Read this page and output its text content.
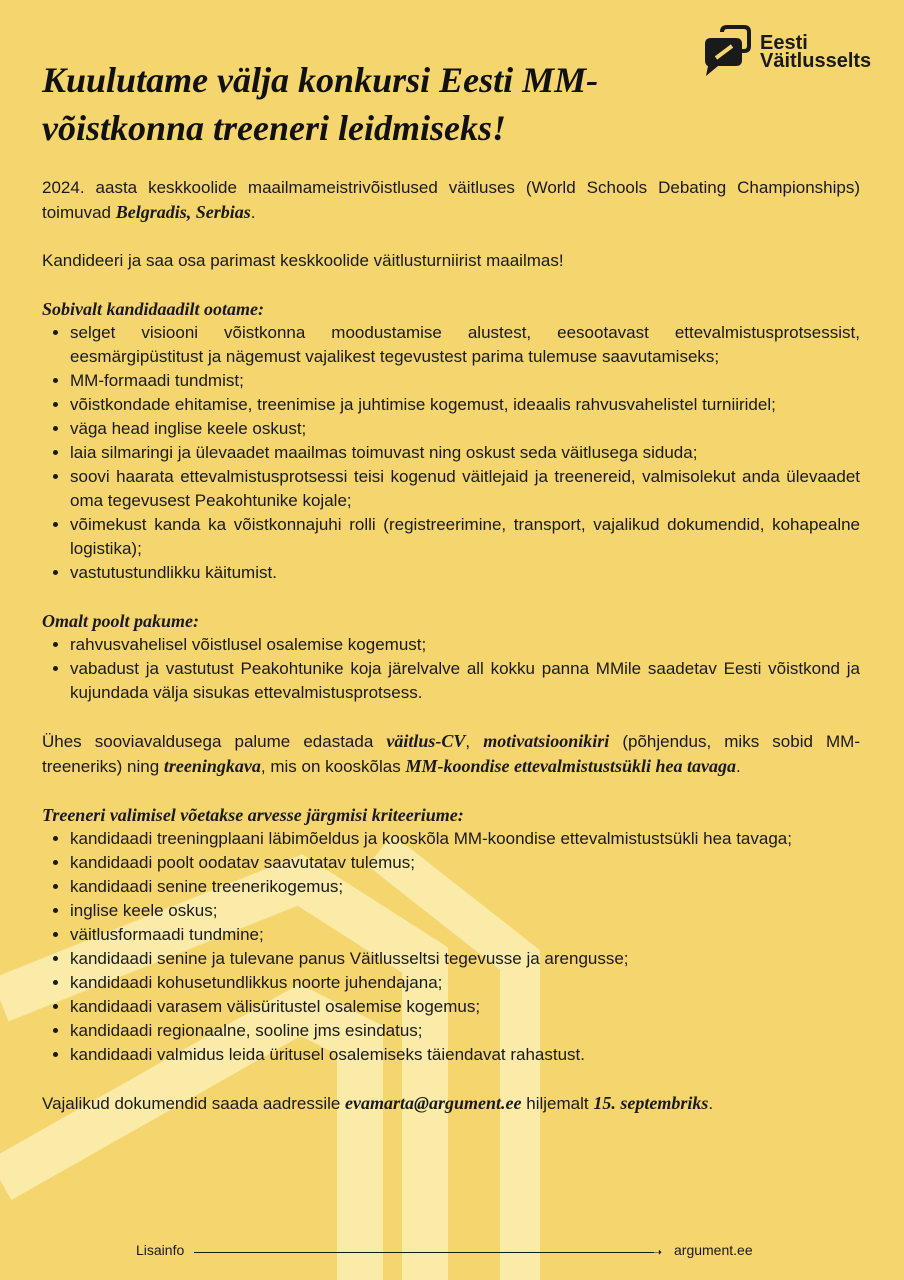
Eesti
Väitlusselts
Kuulutame välja konkursi Eesti MM-võistkonna treeneri leidmiseks!

2024. aasta keskkoolide maailmameistrivõistlused väitluses (World Schools Debating Championships) toimuvad Belgradis, Serbias.

Kandideeri ja saa osa parimast keskkoolide väitlusturniirist maailmas!

Sobivalt kandidaadilt ootame:

• selget visiooni võistkonna moodustamise alustest, eesootavast ettevalmistusprotsessist, eesmärgipüstitust ja nägemust vajalikest tegevustest parima tulemuse saavutamiseks;
• MM-formaadi tundmist;
• võistkondade ehitamise, treenimise ja juhtimise kogemust, ideaalis rahvusvahelistel turniiridel;
• väga head inglise keele oskust;
• laia silmaringi ja ülevaadet maailmas toimuvast ning oskust seda väitlusega siduda;
• soovi haarata ettevalmistusprotsessi teisi kogenud väitlejaid ja treenereid, valmisolekut anda ülevaadet oma tegevusest Peakohtunike kojale;
• võimekust kanda ka võistkonnajuhi rolli (registreerimine, transport, vajalikud dokumendid, kohapealne logistika);
• vastutustundlikku käitumist.

Omalt poolt pakume:

• rahvusvahelisel võistlusel osalemise kogemust;
• vabadust ja vastutust Peakohtunike koja järelvalve all kokku panna MMile saadetav Eesti võistkond ja kujundada välja sisukas ettevalmistusprotsess.

Ühes sooviavaldusega palume edastada väitlus-CV, motivatsioonikiri (põhjendus, miks sobid MM-treeneriks) ning treeningkava, mis on kooskõlas MM-koondise ettevalmistustsükli hea tavaga.

Treeneri valimisel võetakse arvesse järgmisi kriteeriume:

• kandidaadi treeningplaani läbimõeldus ja kooskõla MM-koondise ettevalmistustsükli hea tavaga;
• kandidaadi poolt oodatav saavutatav tulemus;
• kandidaadi senine treenerikogemus;
• inglise keele oskus;
• väitlusformaadi tundmine;
• kandidaadi senine ja tulevane panus Väitlusseltsi tegevusse ja arengusse;
• kandidaadi kohusetundlikkus noorte juhendajana;
• kandidaadi varasem välisüritustel osalemise kogemus;
• kandidaadi regionaalne, sooline jms esindatus;
• kandidaadi valmidus leida üritusel osalemiseks täiendavat rahastust.

Vajalikud dokumendid saada aadressile evamarta@argument.ee hiljemalt 15. septembriks.

Lisainfo	➝ argument.ee
